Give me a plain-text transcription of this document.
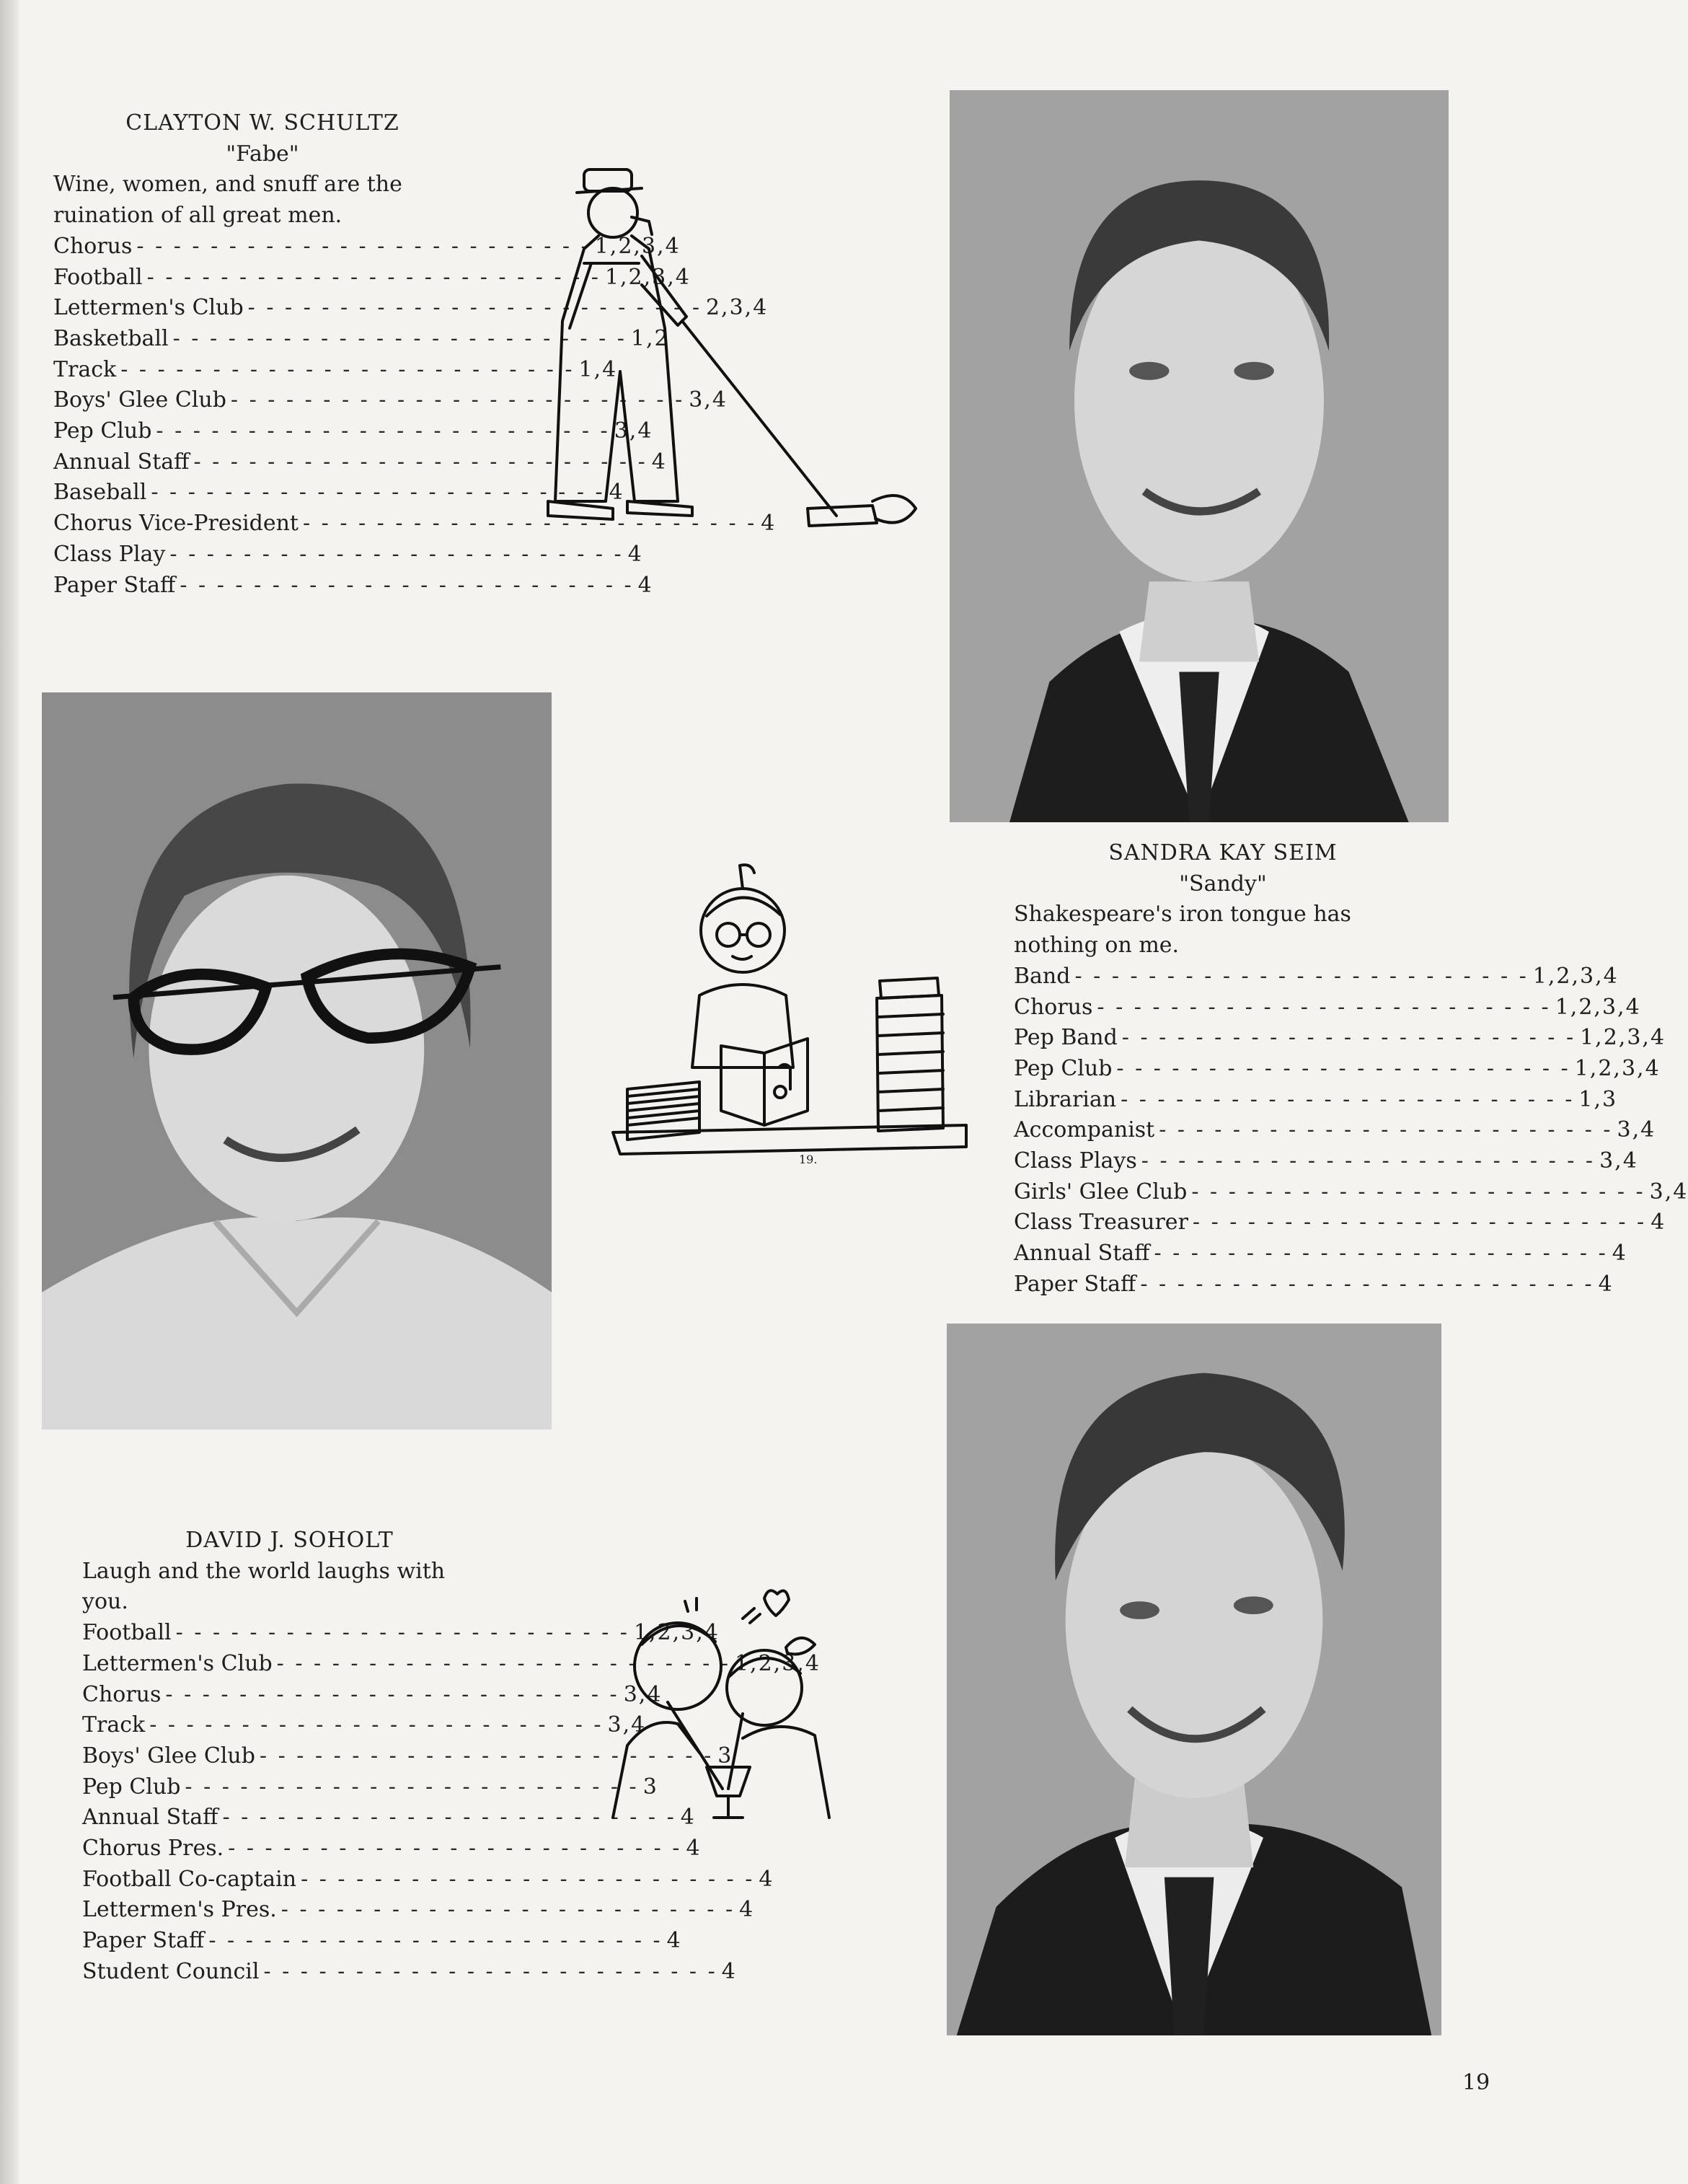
CLAYTON W. SCHULTZ
"Fabe"
Wine, women, and snuff are the
ruination of all great men.
Chorus - - - - - - - - - - - - - - - - - - - - - - - - - 1,2,3,4
Football - - - - - - - - - - - - - - - - - - - - - - - - - 1,2,3,4
Lettermen's Club - - - - - - - - - - - - - - - - - - - - - - - - - 2,3,4
Basketball - - - - - - - - - - - - - - - - - - - - - - - - - 1,2
Track - - - - - - - - - - - - - - - - - - - - - - - - - 1,4
Boys' Glee Club - - - - - - - - - - - - - - - - - - - - - - - - - 3,4
Pep Club - - - - - - - - - - - - - - - - - - - - - - - - - 3,4
Annual Staff - - - - - - - - - - - - - - - - - - - - - - - - - 4
Baseball - - - - - - - - - - - - - - - - - - - - - - - - - 4
Chorus Vice-President - - - - - - - - - - - - - - - - - - - - - - - - - 4
Class Play - - - - - - - - - - - - - - - - - - - - - - - - - 4
Paper Staff - - - - - - - - - - - - - - - - - - - - - - - - - 4
19.
SANDRA KAY SEIM
"Sandy"
Shakespeare's iron tongue has
nothing on me.
Band - - - - - - - - - - - - - - - - - - - - - - - - - 1,2,3,4
Chorus - - - - - - - - - - - - - - - - - - - - - - - - - 1,2,3,4
Pep Band - - - - - - - - - - - - - - - - - - - - - - - - - 1,2,3,4
Pep Club - - - - - - - - - - - - - - - - - - - - - - - - - 1,2,3,4
Librarian - - - - - - - - - - - - - - - - - - - - - - - - - 1,3
Accompanist - - - - - - - - - - - - - - - - - - - - - - - - - 3,4
Class Plays - - - - - - - - - - - - - - - - - - - - - - - - - 3,4
Girls' Glee Club - - - - - - - - - - - - - - - - - - - - - - - - - 3,4
Class Treasurer - - - - - - - - - - - - - - - - - - - - - - - - - 4
Annual Staff - - - - - - - - - - - - - - - - - - - - - - - - - 4
Paper Staff - - - - - - - - - - - - - - - - - - - - - - - - - 4
DAVID J. SOHOLT
Laugh and the world laughs with
you.
Football - - - - - - - - - - - - - - - - - - - - - - - - - 1,2,3,4
Lettermen's Club - - - - - - - - - - - - - - - - - - - - - - - - - 1,2,3,4
Chorus - - - - - - - - - - - - - - - - - - - - - - - - - 3,4
Track - - - - - - - - - - - - - - - - - - - - - - - - - 3,4
Boys' Glee Club - - - - - - - - - - - - - - - - - - - - - - - - - 3
Pep Club - - - - - - - - - - - - - - - - - - - - - - - - - 3
Annual Staff - - - - - - - - - - - - - - - - - - - - - - - - - 4
Chorus Pres. - - - - - - - - - - - - - - - - - - - - - - - - - 4
Football Co-captain - - - - - - - - - - - - - - - - - - - - - - - - - 4
Lettermen's Pres. - - - - - - - - - - - - - - - - - - - - - - - - - 4
Paper Staff - - - - - - - - - - - - - - - - - - - - - - - - - 4
Student Council - - - - - - - - - - - - - - - - - - - - - - - - - 4
19
